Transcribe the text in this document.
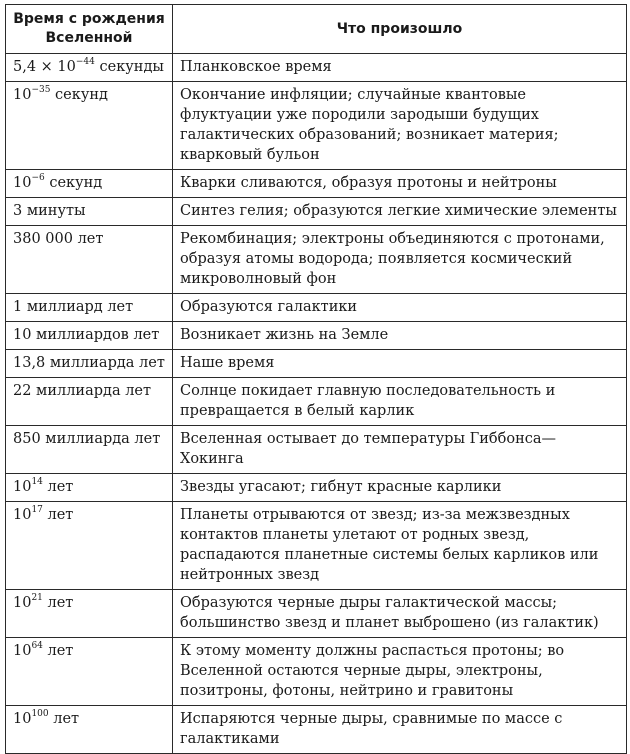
Время с рождения Вселенной	Что произошло
$5,4 \times 10^{-44}$ секунды	Планковское время
$10^{-35}$ секунд	Окончание инфляции; случайные квантовые флуктуации уже породили зародыши будущих галактических образований; возникает материя; кварковый бульон
$10^{-6}$ секунд	Кварки сливаются, образуя протоны и нейтроны
3 минуты	Синтез гелия; образуются легкие химические элементы
380 000 лет	Рекомбинация; электроны объединяются с протонами, образуя атомы водорода; появляется космический микроволновый фон
1 миллиард лет	Образуются галактики
10 миллиардов лет	Возникает жизнь на Земле
13,8 миллиарда лет	Наше время
22 миллиарда лет	Солнце покидает главную последовательность и превращается в белый карлик
850 миллиарда лет	Вселенная остывает до температуры Гиббонса—Хокинга
$10^{14}$ лет	Звезды угасают; гибнут красные карлики
$10^{17}$ лет	Планеты отрываются от звезд; из-за межзвездных контактов планеты улетают от родных звезд, распадаются планетные системы белых карликов или нейтронных звезд
$10^{21}$ лет	Образуются черные дыры галактической массы; большинство звезд и планет выброшено (из галактик)
$10^{64}$ лет	К этому моменту должны распасться протоны; во Вселенной остаются черные дыры, электроны, позитроны, фотоны, нейтрино и гравитоны
$10^{100}$ лет	Испаряются черные дыры, сравнимые по массе с галактиками
